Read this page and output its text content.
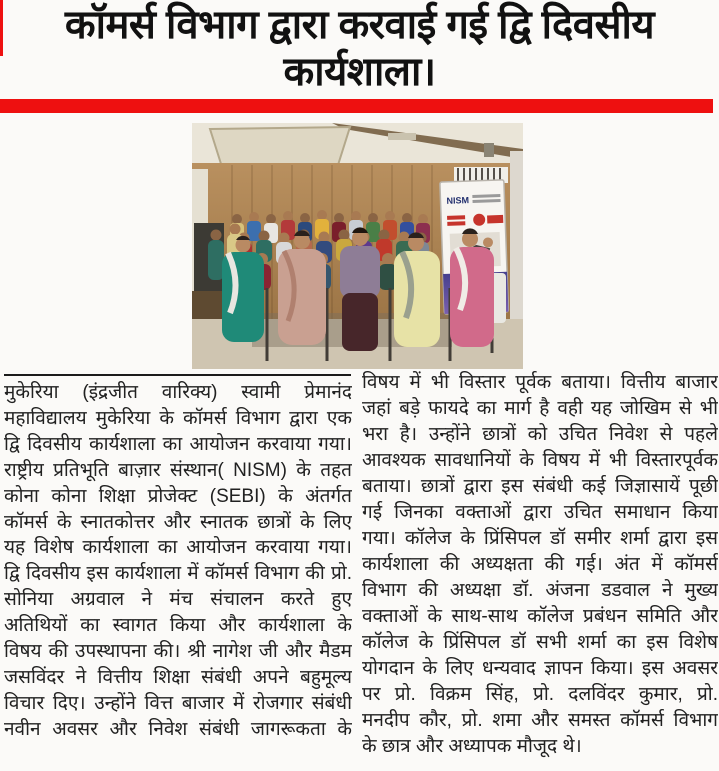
कॉमर्स विभाग द्वारा करवाई गई द्वि दिवसीय
कार्यशाला।
NISM
मुकेरिया (इंद्रजीत वारिक्य) स्वामी प्रेमानंद
महाविद्यालय मुकेरिया के कॉमर्स विभाग द्वारा एक
द्वि दिवसीय कार्यशाला का आयोजन करवाया गया।
राष्ट्रीय प्रतिभूति बाज़ार संस्थान( NISM) के तहत
कोना कोना शिक्षा प्रोजेक्ट (SEBI) के अंतर्गत
कॉमर्स के स्नातकोत्तर और स्नातक छात्रों के लिए
यह विशेष कार्यशाला का आयोजन करवाया गया।
द्वि दिवसीय इस कार्यशाला में कॉमर्स विभाग की प्रो.
सोनिया अग्रवाल ने मंच संचालन करते हुए
अतिथियों का स्वागत किया और कार्यशाला के
विषय की उपस्थापना की। श्री नागेश जी और मैडम
जसविंदर ने वित्तीय शिक्षा संबंधी अपने बहुमूल्य
विचार दिए। उन्होंने वित्त बाजार में रोजगार संबंधी
नवीन अवसर और निवेश संबंधी जागरूकता के
विषय में भी विस्तार पूर्वक बताया। वित्तीय बाजार
जहां बड़े फायदे का मार्ग है वही यह जोखिम से भी
भरा है। उन्होंने छात्रों को उचित निवेश से पहले
आवश्यक सावधानियों के विषय में भी विस्तारपूर्वक
बताया। छात्रों द्वारा इस संबंधी कई जिज्ञासायें पूछी
गई जिनका वक्ताओं द्वारा उचित समाधान किया
गया। कॉलेज के प्रिंसिपल डॉ समीर शर्मा द्वारा इस
कार्यशाला की अध्यक्षता की गई। अंत में कॉमर्स
विभाग की अध्यक्षा डॉ. अंजना डडवाल ने मुख्य
वक्ताओं के साथ-साथ कॉलेज प्रबंधन समिति और
कॉलेज के प्रिंसिपल डॉ सभी शर्मा का इस विशेष
योगदान के लिए धन्यवाद ज्ञापन किया। इस अवसर
पर प्रो. विक्रम सिंह, प्रो. दलविंदर कुमार, प्रो.
मनदीप कौर, प्रो. शमा और समस्त कॉमर्स विभाग
के छात्र और अध्यापक मौजूद थे।
